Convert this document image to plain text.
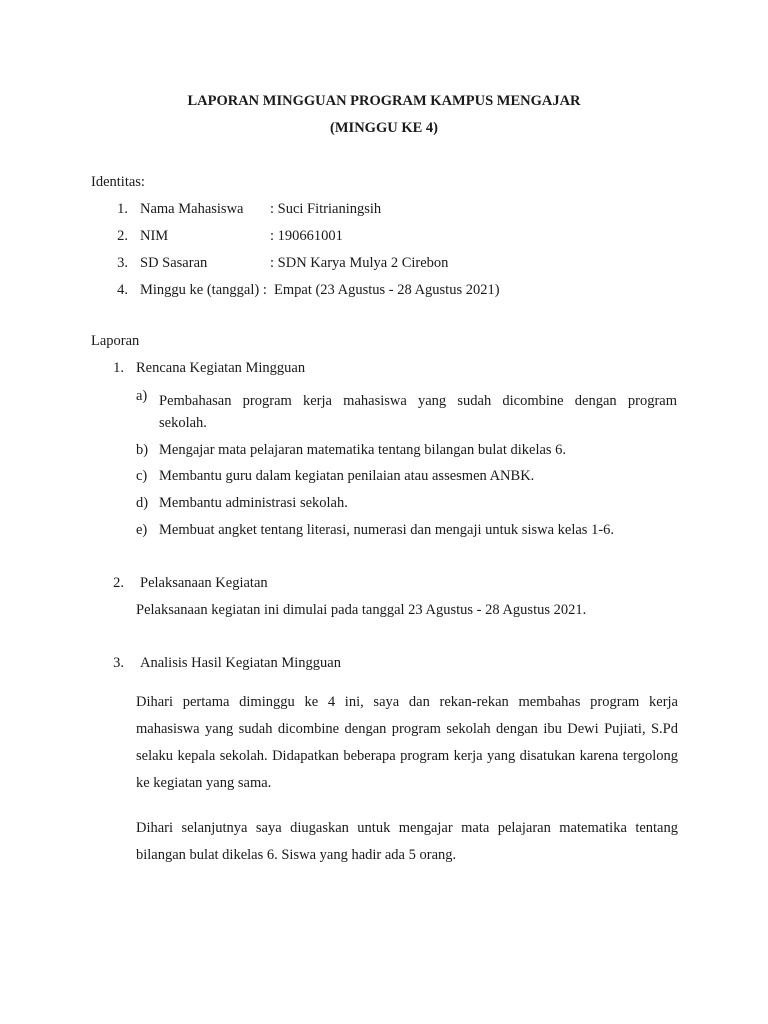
LAPORAN MINGGUAN PROGRAM KAMPUS MENGAJAR
(MINGGU KE 4)
Identitas:
1. Nama Mahasiswa : Suci Fitrianingsih
2. NIM	: 190661001
3. SD Sasaran	: SDN Karya Mulya 2 Cirebon
4. Minggu ke (tanggal) : Empat (23 Agustus - 28 Agustus 2021)
Laporan
1. Rencana Kegiatan Mingguan
a) Pembahasan program kerja mahasiswa yang sudah dicombine dengan program
sekolah.
b) Mengajar mata pelajaran matematika tentang bilangan bulat dikelas 6.
c) Membantu guru dalam kegiatan penilaian atau assesmen ANBK.
d) Membantu administrasi sekolah.
e) Membuat angket tentang literasi, numerasi dan mengaji untuk siswa kelas 1-6.
2. Pelaksanaan Kegiatan
Pelaksanaan kegiatan ini dimulai pada tanggal 23 Agustus - 28 Agustus 2021.
3. Analisis Hasil Kegiatan Mingguan
Dihari pertama diminggu ke 4 ini, saya dan rekan-rekan membahas program kerja mahasiswa yang sudah dicombine dengan program sekolah dengan ibu Dewi Pujiati, S.Pd selaku kepala sekolah. Didapatkan beberapa program kerja yang disatukan karena tergolong ke kegiatan yang sama.
Dihari selanjutnya saya diugaskan untuk mengajar mata pelajaran matematika tentang bilangan bulat dikelas 6. Siswa yang hadir ada 5 orang.
